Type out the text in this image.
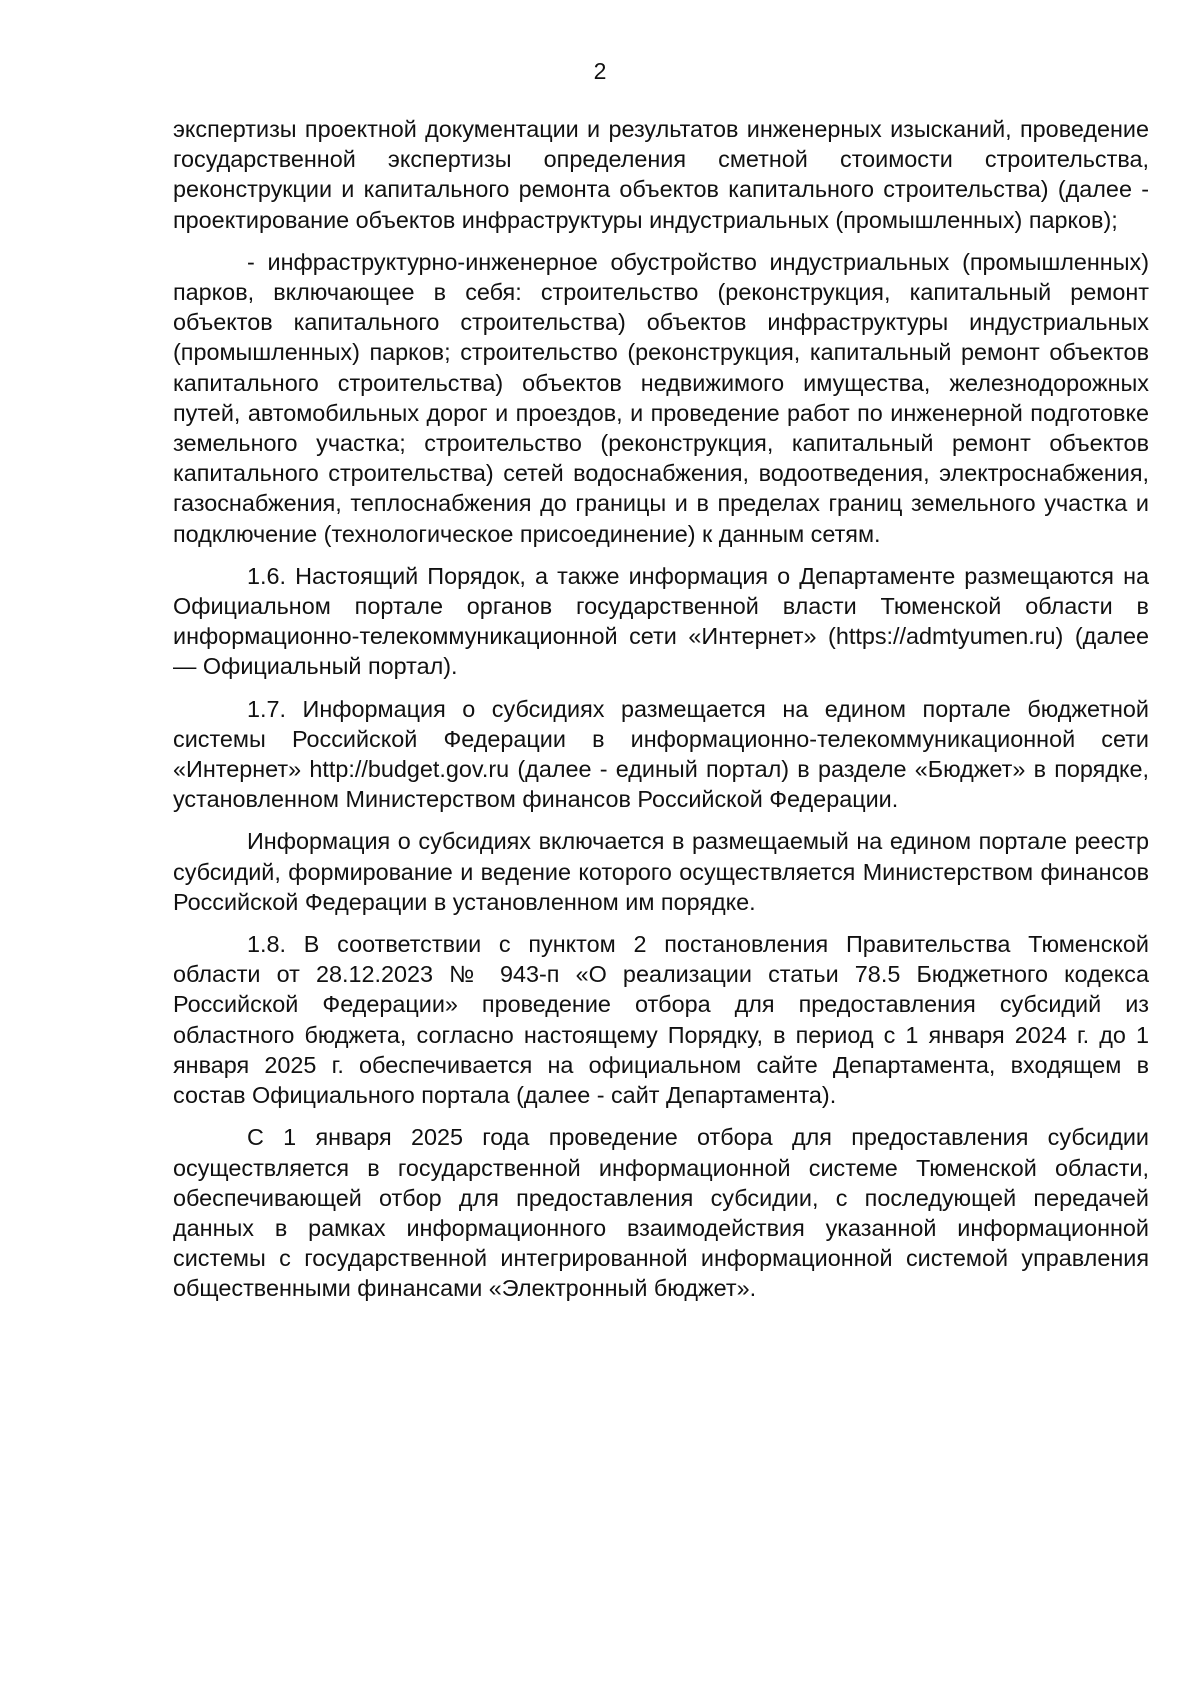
2

экспертизы проектной документации и результатов инженерных изысканий, проведение государственной экспертизы определения сметной стоимости строительства, реконструкции и капитального ремонта объектов капитального строительства) (далее - проектирование объектов инфраструктуры индустриальных (промышленных) парков);

- инфраструктурно-инженерное обустройство индустриальных (промышленных) парков, включающее в себя: строительство (реконструкция, капитальный ремонт объектов капитального строительства) объектов инфраструктуры индустриальных (промышленных) парков; строительство (реконструкция, капитальный ремонт объектов капитального строительства) объектов недвижимого имущества, железнодорожных путей, автомобильных дорог и проездов, и проведение работ по инженерной подготовке земельного участка; строительство (реконструкция, капитальный ремонт объектов капитального строительства) сетей водоснабжения, водоотведения, электроснабжения, газоснабжения, теплоснабжения до границы и в пределах границ земельного участка и подключение (технологическое присоединение) к данным сетям.

1.6. Настоящий Порядок, а также информация о Департаменте размещаются на Официальном портале органов государственной власти Тюменской области в информационно-телекоммуникационной сети «Интернет» (https://admtyumen.ru) (далее — Официальный портал).

1.7. Информация о субсидиях размещается на едином портале бюджетной системы Российской Федерации в информационно-телекоммуникационной сети «Интернет» http://budget.gov.ru (далее - единый портал) в разделе «Бюджет» в порядке, установленном Министерством финансов Российской Федерации.

Информация о субсидиях включается в размещаемый на едином портале реестр субсидий, формирование и ведение которого осуществляется Министерством финансов Российской Федерации в установленном им порядке.

1.8. В соответствии с пунктом 2 постановления Правительства Тюменской области от 28.12.2023 № 943-п «О реализации статьи 78.5 Бюджетного кодекса Российской Федерации» проведение отбора для предоставления субсидий из областного бюджета, согласно настоящему Порядку, в период с 1 января 2024 г. до 1 января 2025 г. обеспечивается на официальном сайте Департамента, входящем в состав Официального портала (далее - сайт Департамента).

С 1 января 2025 года проведение отбора для предоставления субсидии осуществляется в государственной информационной системе Тюменской области, обеспечивающей отбор для предоставления субсидии, с последующей передачей данных в рамках информационного взаимодействия указанной информационной системы с государственной интегрированной информационной системой управления общественными финансами «Электронный бюджет».
